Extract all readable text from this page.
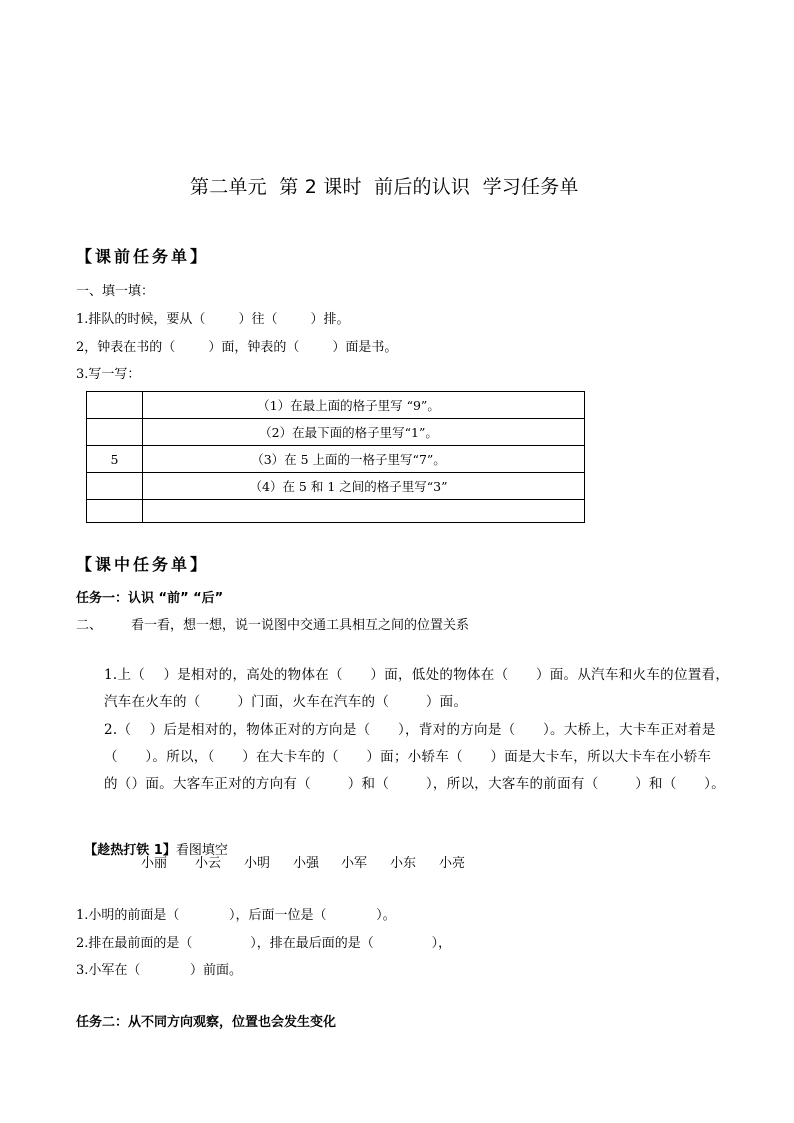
第二单元  第 2 课时  前后的认识  学习任务单
【课前任务单】
一、填一填：
1.排队的时候，要从（        ）往（        ）排。
2，钟表在书的（        ）面，钟表的（        ）面是书。
3.写一写：
	（1）在最上面的格子里写 “9”。
	（2）在最下面的格子里写“1”。
5	（3）在 5 上面的一格子里写“7”。
	（4）在 5 和 1 之间的格子里写“3”

【课中任务单】
任务一：认识 “前” “后”
二、 看一看，想一想，说一说图中交通工具相互之间的位置关系
1.上（    ）是相对的，高处的物体在（      ）面，低处的物体在（      ）面。从汽车和火车的位置看，
汽车在火车的（        ）门面，火车在汽车的（        ）面。
2.（    ）后是相对的，物体正对的方向是（      ），背对的方向是（      ）。大桥上，大卡车正对着是
（      ）。所以，（      ）在大卡车的（      ）面；小轿车（      ）面是大卡车，所以大卡车在小轿车
的（）面。大客车正对的方向有（        ）和（        ），所以，大客车的前面有（        ）和（      ）。

【趁热打铁 1】看图填空

小丽 小云 小明 小强 小军 小东 小亮
1.小明的前面是（            ），后面一位是（            ）。
2.排在最前面的是（              ），排在最后面的是（              ），
3.小军在（            ）前面。
任务二：从不同方向观察，位置也会发生变化
